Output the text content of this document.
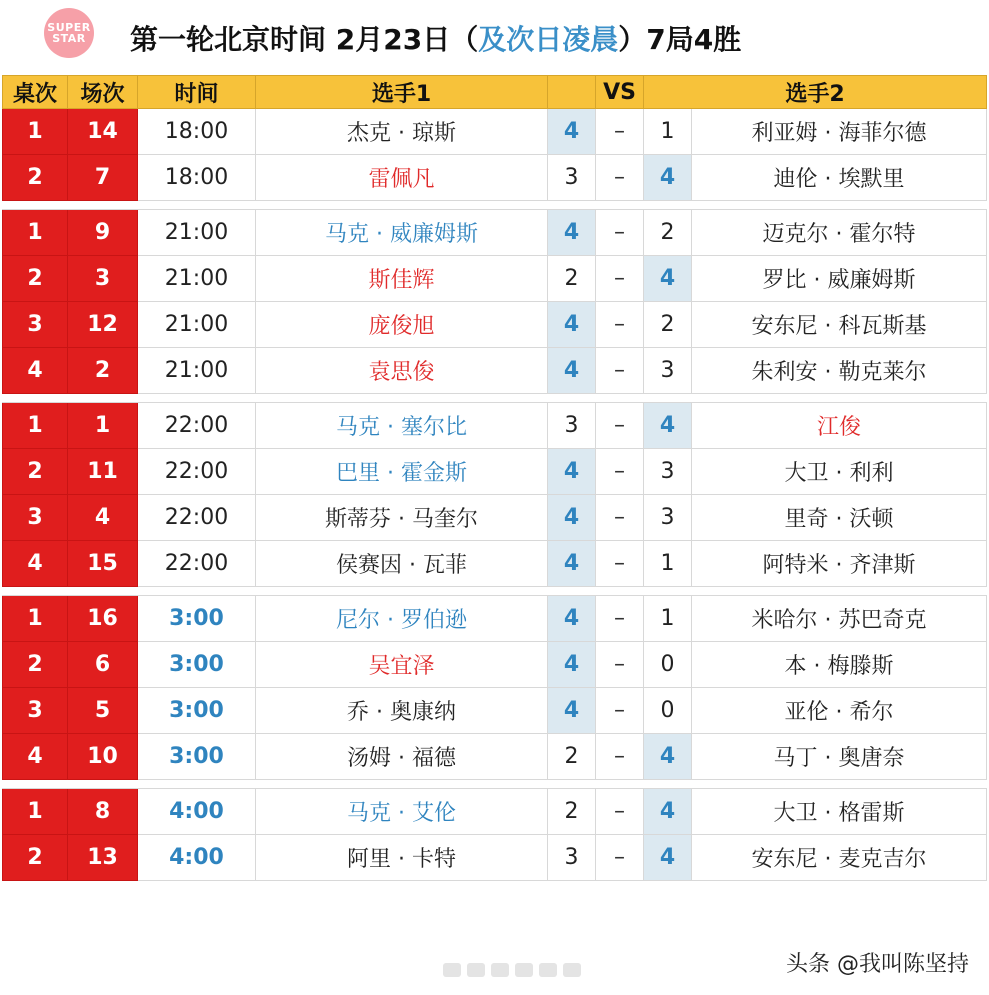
SUPER
STAR 第一轮 北京时间 2月23日（ 及次日凌晨 ）7局4胜
桌次	场次	时间	选手1		VS	选手2	
1	14	18:00	杰克 · 琼斯	4	–	1	利亚姆 · 海菲尔德
2	7	18:00	雷佩凡	3	–	4	迪伦 · 埃默里

1	9	21:00	马克 · 威廉姆斯	4	–	2	迈克尔 · 霍尔特
2	3	21:00	斯佳辉	2	–	4	罗比 · 威廉姆斯
3	12	21:00	庞俊旭	4	–	2	安东尼 · 科瓦斯基
4	2	21:00	袁思俊	4	–	3	朱利安 · 勒克莱尔

1	1	22:00	马克 · 塞尔比	3	–	4	江俊
2	11	22:00	巴里 · 霍金斯	4	–	3	大卫 · 利利
3	4	22:00	斯蒂芬 · 马奎尔	4	–	3	里奇 · 沃顿
4	15	22:00	侯赛因 · 瓦菲	4	–	1	阿特米 · 齐津斯

1	16	3:00	尼尔 · 罗伯逊	4	–	1	米哈尔 · 苏巴奇克
2	6	3:00	吴宜泽	4	–	0	本 · 梅滕斯
3	5	3:00	乔 · 奥康纳	4	–	0	亚伦 · 希尔
4	10	3:00	汤姆 · 福德	2	–	4	马丁 · 奥唐奈

1	8	4:00	马克 · 艾伦	2	–	4	大卫 · 格雷斯
2	13	4:00	阿里 · 卡特	3	–	4	安东尼 · 麦克吉尔
头条 @我叫陈坚持
